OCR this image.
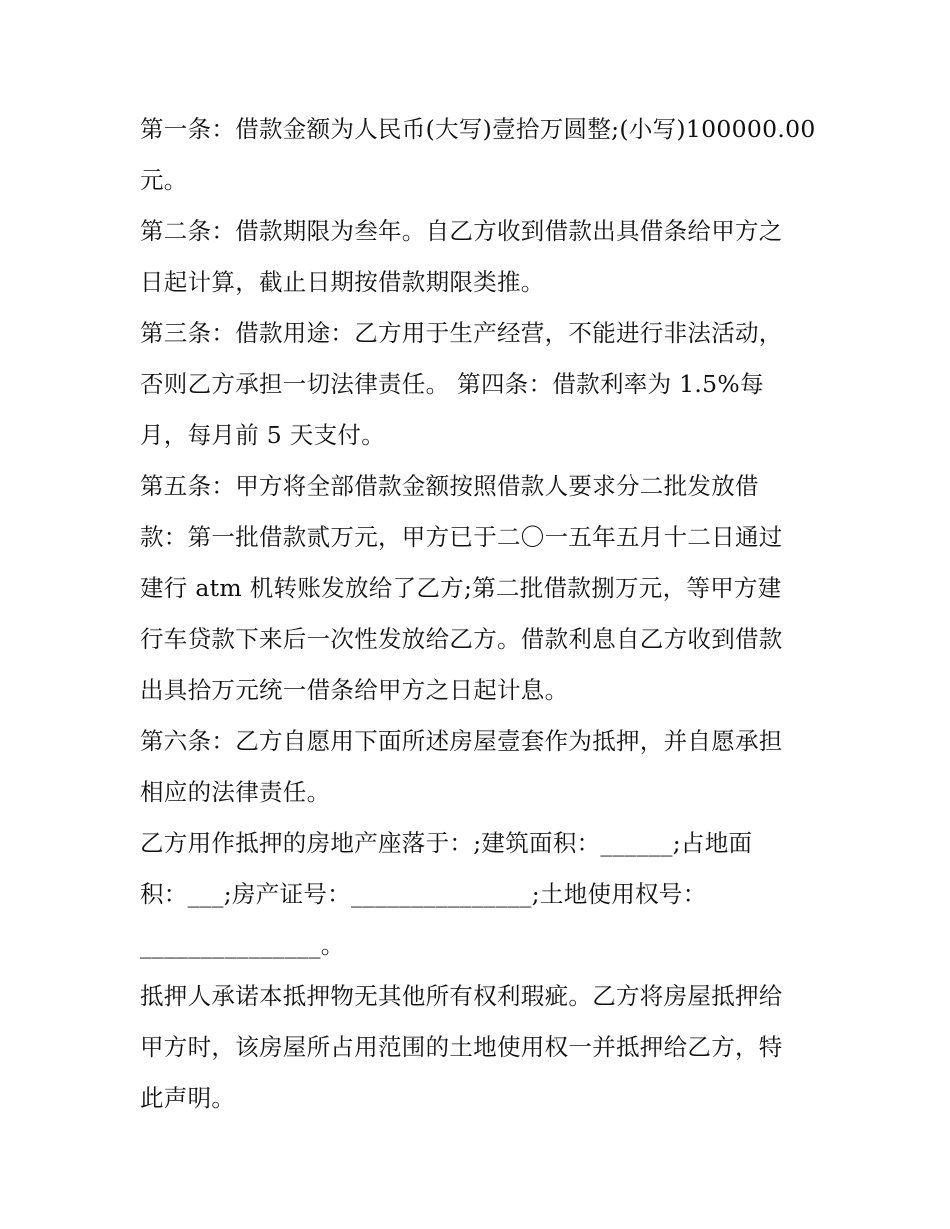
第一条：借款金额为人民币(大写)壹拾万圆整;(小写)100000.00
元。
第二条：借款期限为叁年。自乙方收到借款出具借条给甲方之
日起计算，截止日期按借款期限类推。
第三条：借款用途：乙方用于生产经营，不能进行非法活动，
否则乙方承担一切法律责任。 第四条：借款利率为 1.5%每
月，每月前 5 天支付。
第五条：甲方将全部借款金额按照借款人要求分二批发放借
款：第一批借款贰万元，甲方已于二〇一五年五月十二日通过
建行 atm 机转账发放给了乙方;第二批借款捌万元，等甲方建
行车贷款下来后一次性发放给乙方。借款利息自乙方收到借款
出具拾万元统一借条给甲方之日起计息。
第六条：乙方自愿用下面所述房屋壹套作为抵押，并自愿承担
相应的法律责任。
乙方用作抵押的房地产座落于：;建筑面积：______;占地面
积：___;房产证号：_______________;土地使用权号：
_______________。
抵押人承诺本抵押物无其他所有权利瑕疵。乙方将房屋抵押给
甲方时，该房屋所占用范围的土地使用权一并抵押给乙方，特
此声明。
